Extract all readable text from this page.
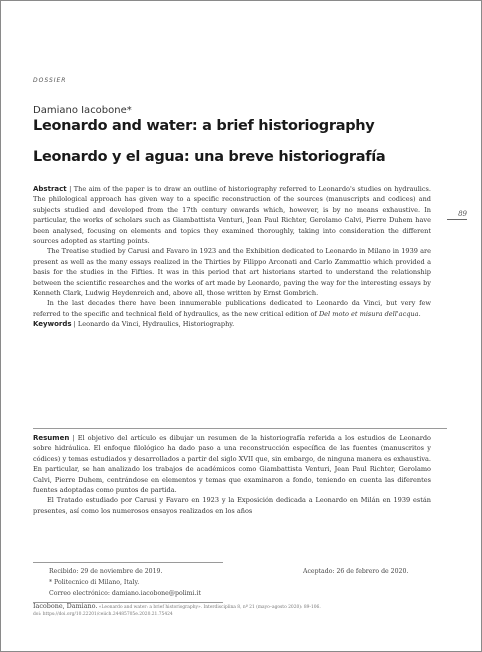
DOSSIER
Damiano Iacobone*
Leonardo and water: a brief historiography
Leonardo y el agua: una breve historiografía

Abstract | The aim of the paper is to draw an outline of historiography referred to Leonardo's studies on hydraulics. The philological approach has given way to a specific reconstruction of the sources (manuscripts and codices) and subjects studied and developed from the 17th century onwards which, however, is by no means exhaustive. In particular, the works of scholars such as Giambattista Venturi, Jean Paul Richter, Gerolamo Calvi, Pierre Duhem have been analysed, focusing on elements and topics they examined thoroughly, taking into consideration the different sources adopted as starting points.

The Treatise studied by Carusi and Favaro in 1923 and the Exhibition dedicated to Leonardo in Milano in 1939 are present as well as the many essays realized in the Thirties by Filippo Arconati and Carlo Zammattio which provided a basis for the studies in the Fifties. It was in this period that art historians started to understand the relationship between the scientific researches and the works of art made by Leonardo, paving the way for the interesting essays by Kenneth Clark, Ludwig Heydenreich and, above all, those written by Ernst Gombrich.

In the last decades there have been innumerable publications dedicated to Leonardo da Vinci, but very few referred to the specific and technical field of hydraulics, as the new critical edition of Del moto et misura dell'acqua.

Keywords | Leonardo da Vinci, Hydraulics, Historiography.

Resumen | El objetivo del artículo es dibujar un resumen de la historiografía referida a los estudios de Leonardo sobre hidráulica. El enfoque filológico ha dado paso a una reconstrucción específica de las fuentes (manuscritos y códices) y temas estudiados y desarrollados a partir del siglo XVII que, sin embargo, de ninguna manera es exhaustiva. En particular, se han analizado los trabajos de académicos como Giambattista Venturi, Jean Paul Richter, Gerolamo Calvi, Pierre Duhem, centrándose en elementos y temas que examinaron a fondo, teniendo en cuenta las diferentes fuentes adoptadas como puntos de partida.

El Tratado estudiado por Carusi y Favaro en 1923 y la Exposición dedicada a Leonardo en Milán en 1939 están presentes, así como los numerosos ensayos realizados en los años

89
Recibido: 29 de noviembre de 2019.	Aceptado: 26 de febrero de 2020.
* Politecnico di Milano, Italy.
Correo electrónico: damiano.iacobone@polimi.it
Iacobone, Damiano. «Leonardo and water: a brief historiography». Interdisciplina 8, nº 21 (mayo–agosto 2020): 89-106.
doi: https://doi.org/10.22201/ceiich.24485705e.2020.21.75424
